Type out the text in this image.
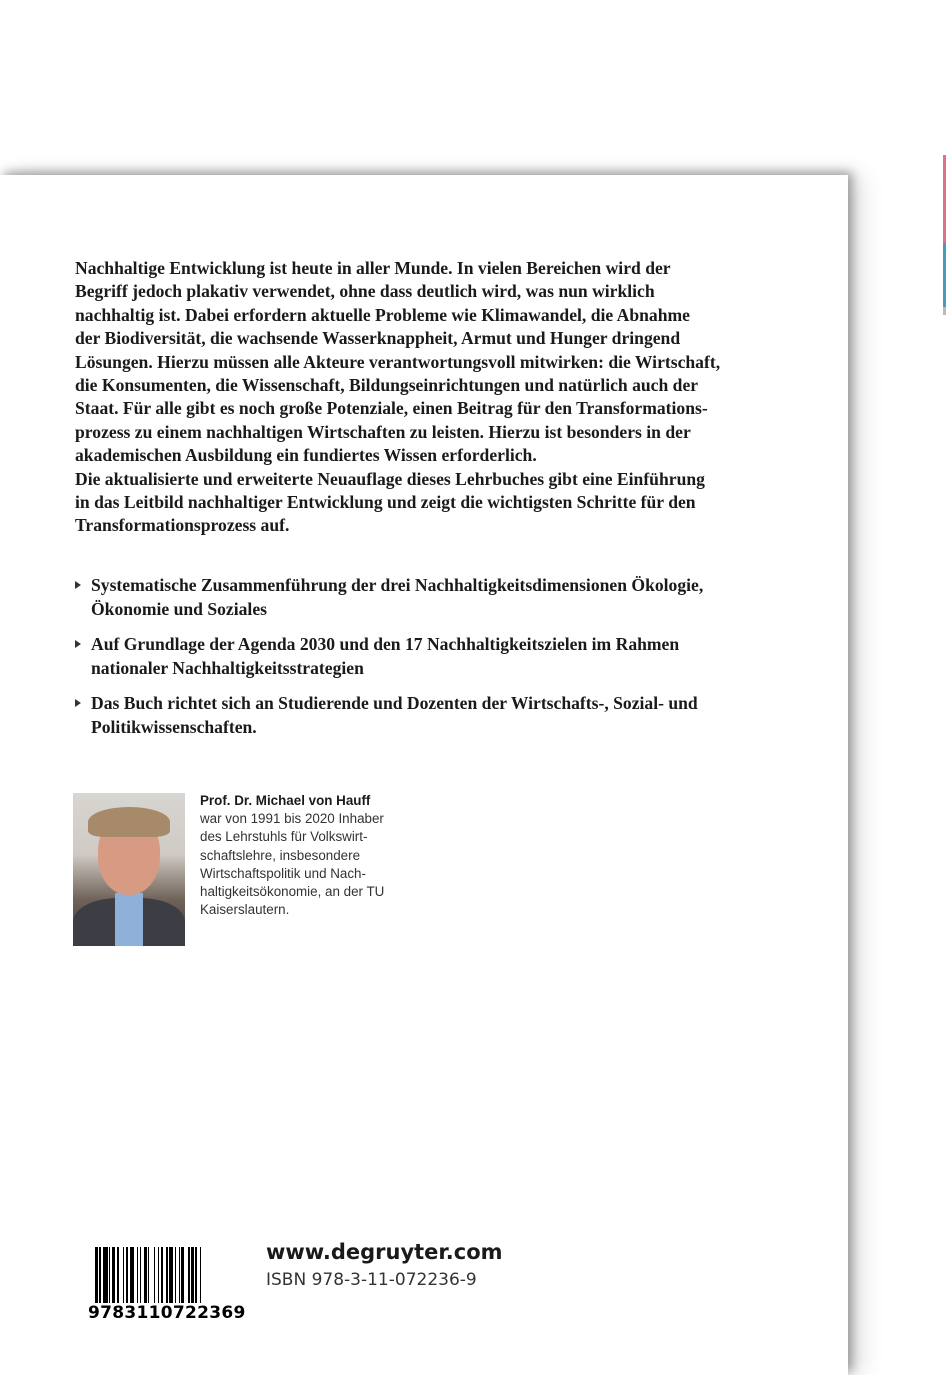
Nachhaltige Entwicklung ist heute in aller Munde. In vielen Bereichen wird der
Begriff jedoch plakativ verwendet, ohne dass deutlich wird, was nun wirklich
nachhaltig ist. Dabei erfordern aktuelle Probleme wie Klimawandel, die Abnahme
der Biodiversität, die wachsende Wasserknappheit, Armut und Hunger dringend
Lösungen. Hierzu müssen alle Akteure verantwortungsvoll mitwirken: die Wirtschaft,
die Konsumenten, die Wissenschaft, Bildungseinrichtungen und natürlich auch der
Staat. Für alle gibt es noch große Potenziale, einen Beitrag für den Transformations-
prozess zu einem nachhaltigen Wirtschaften zu leisten. Hierzu ist besonders in der
akademischen Ausbildung ein fundiertes Wissen erforderlich.
Die aktualisierte und erweiterte Neuauflage dieses Lehrbuches gibt eine Einführung
in das Leitbild nachhaltiger Entwicklung und zeigt die wichtigsten Schritte für den
Transformationsprozess auf.
Systematische Zusammenführung der drei Nachhaltigkeitsdimensionen Ökologie,
Ökonomie und Soziales
Auf Grundlage der Agenda 2030 und den 17 Nachhaltigkeitszielen im Rahmen
nationaler Nachhaltigkeitsstrategien
Das Buch richtet sich an Studierende und Dozenten der Wirtschafts-, Sozial- und
Politikwissenschaften.
Prof. Dr. Michael von Hauff
war von 1991 bis 2020 Inhaber
des Lehrstuhls für Volkswirt-
schaftslehre, insbesondere
Wirtschaftspolitik und Nach-
haltigkeitsökonomie, an der TU
Kaiserslautern.
9783110722369
www.degruyter.com
ISBN 978-3-11-072236-9
